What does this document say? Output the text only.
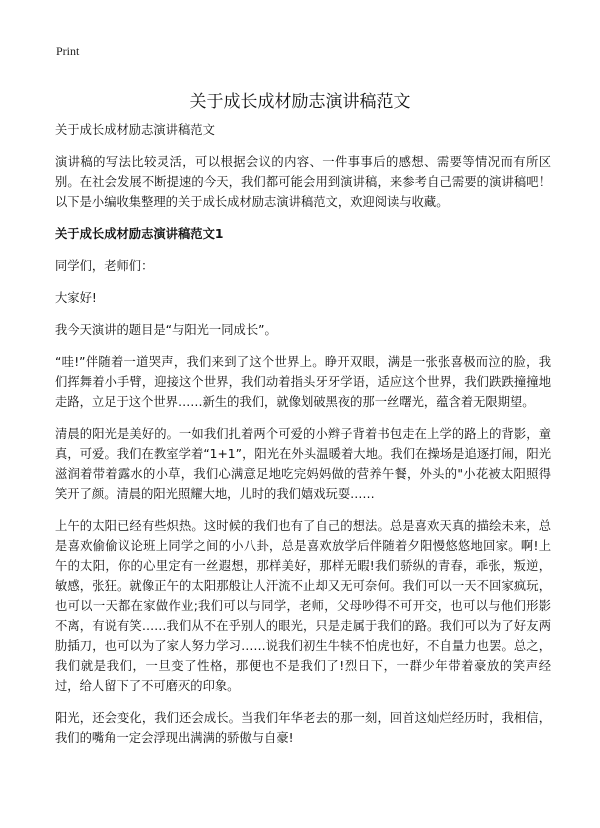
Print
关于成长成材励志演讲稿范文

关于成长成材励志演讲稿范文

演讲稿的写法比较灵活，可以根据会议的内容、一件事事后的感想、需要等情况而有所区别。在社会发展不断提速的今天，我们都可能会用到演讲稿，来参考自己需要的演讲稿吧！以下是小编收集整理的关于成长成材励志演讲稿范文，欢迎阅读与收藏。

关于成长成材励志演讲稿范文1

同学们，老师们：

大家好!

我今天演讲的题目是“与阳光一同成长”。

“哇!”伴随着一道哭声，我们来到了这个世界上。睁开双眼，满是一张张喜极而泣的脸，我们挥舞着小手臂，迎接这个世界，我们动着指头牙牙学语，适应这个世界，我们跌跌撞撞地走路，立足于这个世界……新生的我们，就像划破黑夜的那一丝曙光，蕴含着无限期望。

清晨的阳光是美好的。一如我们扎着两个可爱的小辫子背着书包走在上学的路上的背影，童真，可爱。我们在教室学着“1+1”，阳光在外头温暖着大地。我们在操场是追逐打闹，阳光滋润着带着露水的小草，我们心满意足地吃完妈妈做的营养午餐，外头的"小花被太阳照得笑开了颜。清晨的阳光照耀大地，儿时的我们嬉戏玩耍……

上午的太阳已经有些炽热。这时候的我们也有了自己的想法。总是喜欢天真的描绘未来，总是喜欢偷偷议论班上同学之间的小八卦，总是喜欢放学后伴随着夕阳慢悠悠地回家。啊!上午的太阳，你的心里定有一丝遐想，那样美好，那样无暇!我们骄纵的青春，乖张，叛逆，敏感，张狂。就像正午的太阳那般让人汗流不止却又无可奈何。我们可以一天不回家疯玩，也可以一天都在家做作业;我们可以与同学，老师，父母吵得不可开交，也可以与他们形影不离，有说有笑……我们从不在乎别人的眼光，只是走属于我们的路。我们可以为了好友两肋插刀，也可以为了家人努力学习……说我们初生牛犊不怕虎也好，不自量力也罢。总之，我们就是我们，一旦变了性格，那便也不是我们了!烈日下，一群少年带着豪放的笑声经过，给人留下了不可磨灭的印象。

阳光，还会变化，我们还会成长。当我们年华老去的那一刻，回首这灿烂经历时，我相信，我们的嘴角一定会浮现出满满的骄傲与自豪!
